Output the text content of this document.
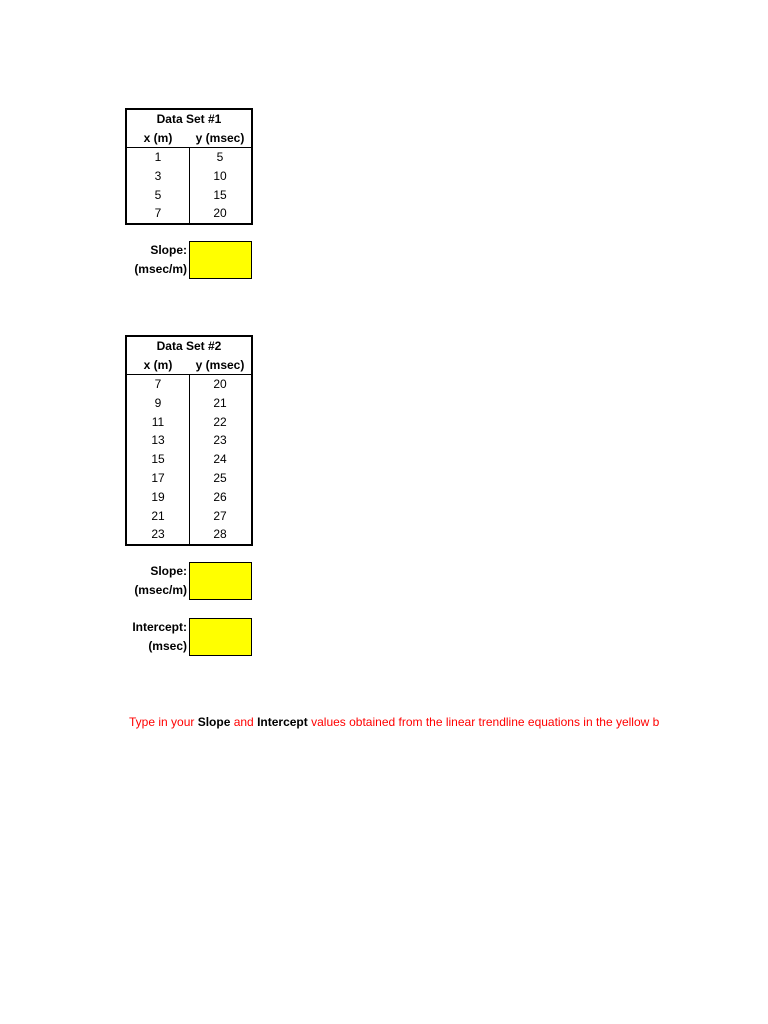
Data Set #1
x (m)	y (msec)
1	5
3	10
5	15
7	20
Slope:
(msec/m)
Data Set #2
x (m)	y (msec)
7	20
9	21
11	22
13	23
15	24
17	25
19	26
21	27
23	28
Slope:
(msec/m)
Intercept:
(msec)
Type in your Slope and Intercept values obtained from the linear trendline equations in the yellow b
